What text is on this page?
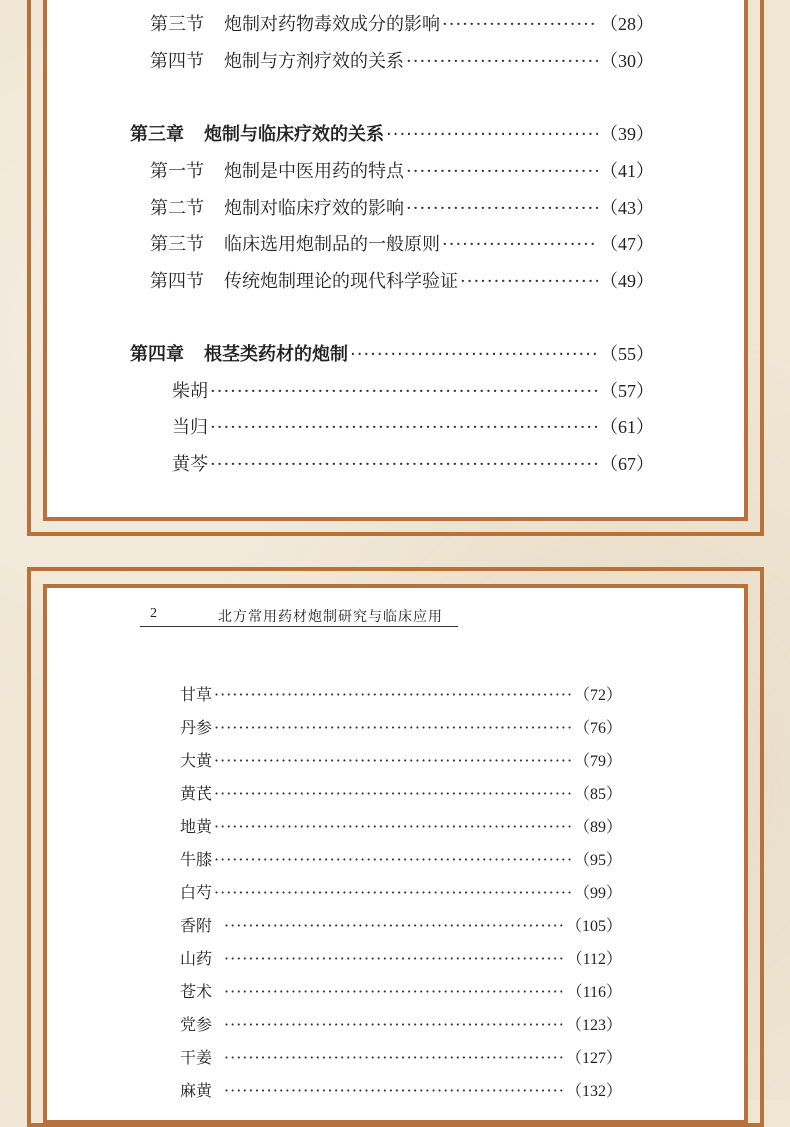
第三节 炮制对药物毒效成分的影响 ·····	（28）
第四节 炮制与方剂疗效的关系 ·····	（30）
第三章 炮制与临床疗效的关系 ·····	（39）
第一节 炮制是中医用药的特点 ·····	（41）
第二节 炮制对临床疗效的影响 ·····	（43）
第三节 临床选用炮制品的一般原则 ·····	（47）
第四节 传统炮制理论的现代科学验证 ·····	（49）
第四章 根茎类药材的炮制 ·····	（55）
柴胡 ·····	（57）
当归 ·····	（61）
黄芩 ·····	（67）
2	北方常用药材炮制研究与临床应用
甘草 ·····	（72）
丹参 ·····	（76）
大黄 ·····	（79）
黄芪 ·····	（85）
地黄 ·····	（89）
牛膝 ·····	（95）
白芍 ·····	（99）
香附 ·····	（105）
山药 ·····	（112）
苍术 ·····	（116）
党参 ·····	（123）
干姜 ·····	（127）
麻黄 ·····	（132）
